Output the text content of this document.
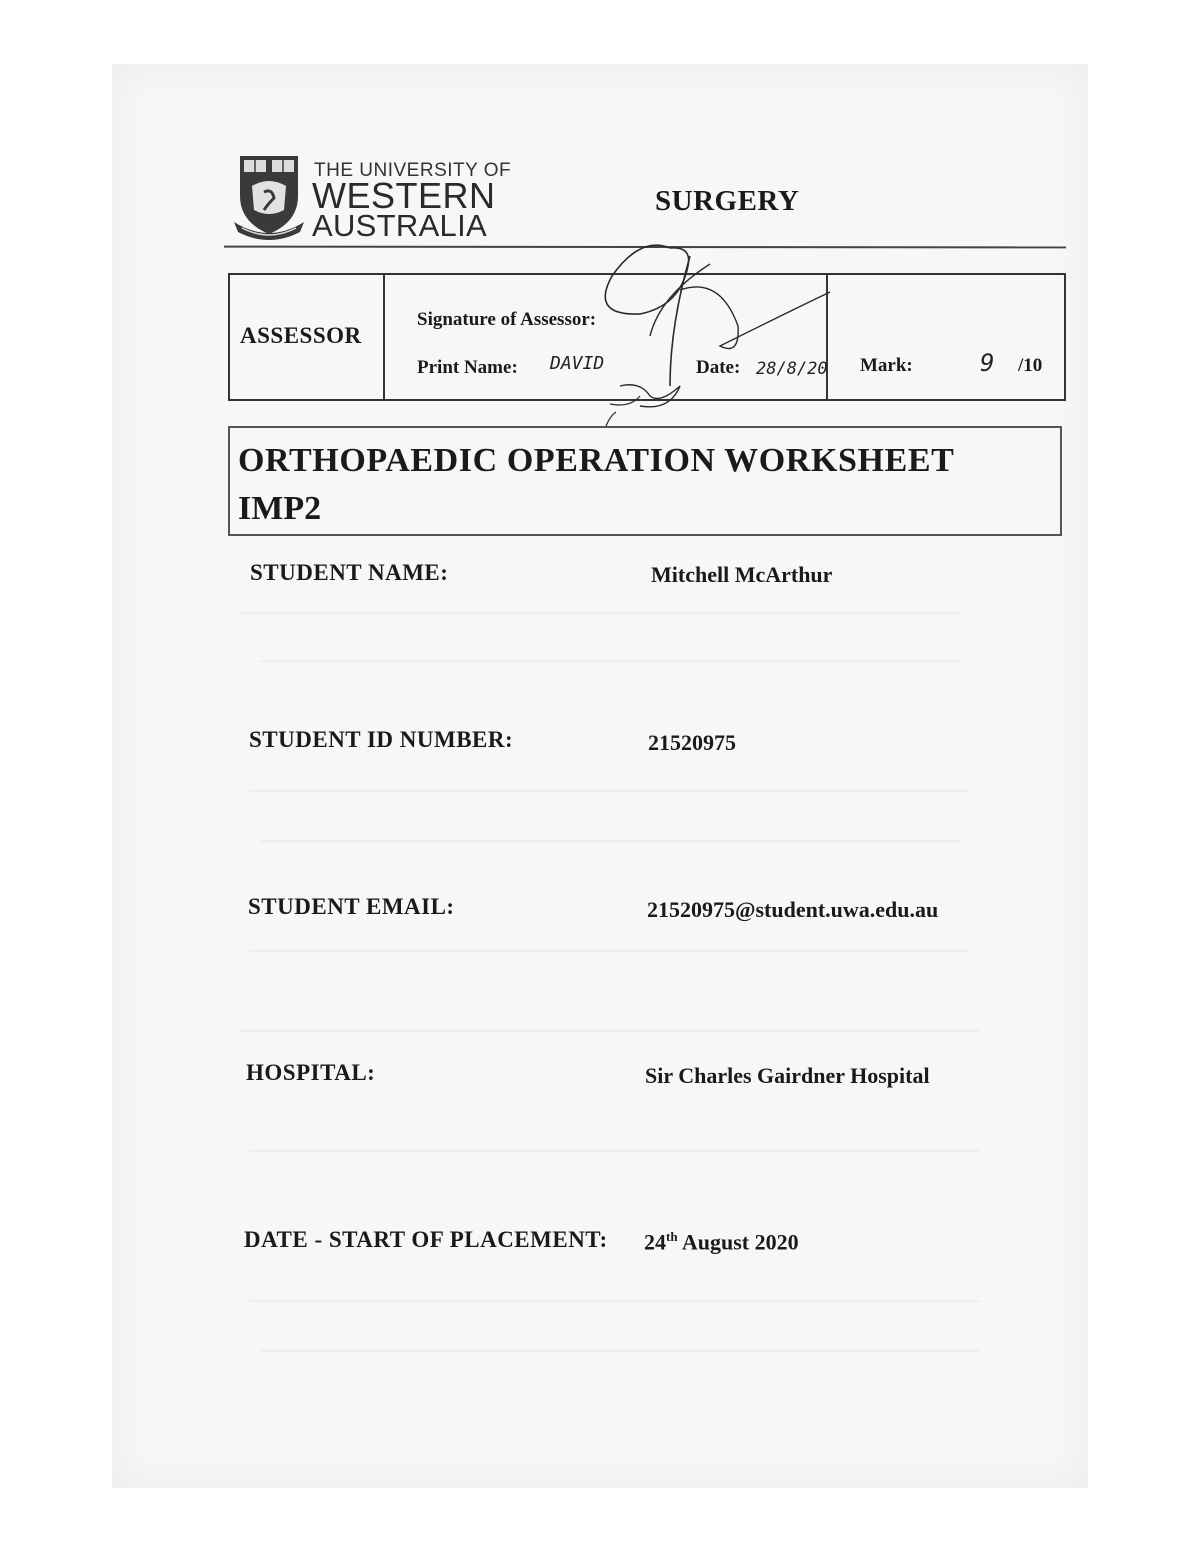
THE UNIVERSITY OF
WESTERN
AUSTRALIA
SURGERY
ASSESSOR
Signature of Assessor:
Print Name: DAVID	Date: 28/8/20 Mark:	9 /10
ORTHOPAEDIC OPERATION WORKSHEET
IMP2
STUDENT NAME:	Mitchell McArthur
STUDENT ID NUMBER:	21520975
STUDENT EMAIL:	21520975@student.uwa.edu.au
HOSPITAL:	Sir Charles Gairdner Hospital
DATE - START OF PLACEMENT: 24th August 2020
